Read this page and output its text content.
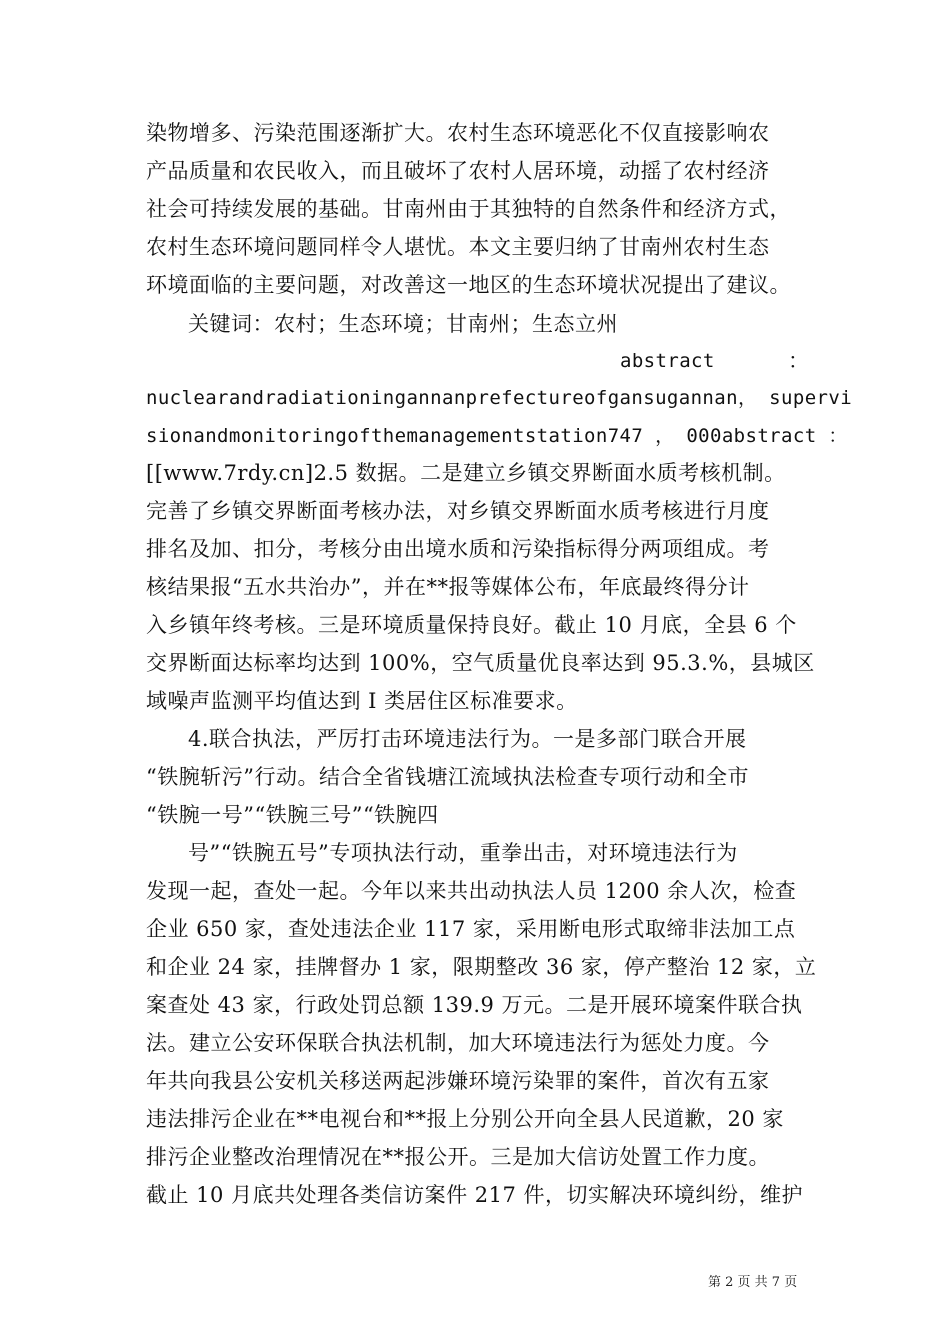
染物增多、污染范围逐渐扩大。农村生态环境恶化不仅直接影响农
产品质量和农民收入，而且破坏了农村人居环境，动摇了农村经济
社会可持续发展的基础。甘南州由于其独特的自然条件和经济方式，
农村生态环境问题同样令人堪忧。本文主要归纳了甘南州农村生态
环境面临的主要问题，对改善这一地区的生态环境状况提出了建议。
关键词：农村；生态环境；甘南州；生态立州
abstract	：
nuclearandradiationingannanprefectureofgansugannan， supervi
sionandmonitoringofthemanagementstation747 ， 000abstract ：
[[www.7rdy.cn]2.5 数据。二是建立乡镇交界断面水质考核机制。
完善了乡镇交界断面考核办法，对乡镇交界断面水质考核进行月度
排名及加、扣分，考核分由出境水质和污染指标得分两项组成。考
核结果报“五水共治办”，并在**报等媒体公布，年底最终得分计
入乡镇年终考核。三是环境质量保持良好。截止 10 月底，全县 6 个
交界断面达标率均达到 100%，空气质量优良率达到 95.3.%，县城区
域噪声监测平均值达到 I 类居住区标准要求。
4.联合执法，严厉打击环境违法行为。一是多部门联合开展
“铁腕斩污”行动。结合全省钱塘江流域执法检查专项行动和全市
“铁腕一号”“铁腕三号”“铁腕四
号”“铁腕五号”专项执法行动，重拳出击，对环境违法行为
发现一起，查处一起。今年以来共出动执法人员 1200 余人次，检查
企业 650 家，查处违法企业 117 家，采用断电形式取缔非法加工点
和企业 24 家，挂牌督办 1 家，限期整改 36 家，停产整治 12 家，立
案查处 43 家，行政处罚总额 139.9 万元。二是开展环境案件联合执
法。建立公安环保联合执法机制，加大环境违法行为惩处力度。今
年共向我县公安机关移送两起涉嫌环境污染罪的案件，首次有五家
违法排污企业在**电视台和**报上分别公开向全县人民道歉，20 家
排污企业整改治理情况在**报公开。三是加大信访处置工作力度。
截止 10 月底共处理各类信访案件 217 件，切实解决环境纠纷，维护
第 2 页 共 7 页
